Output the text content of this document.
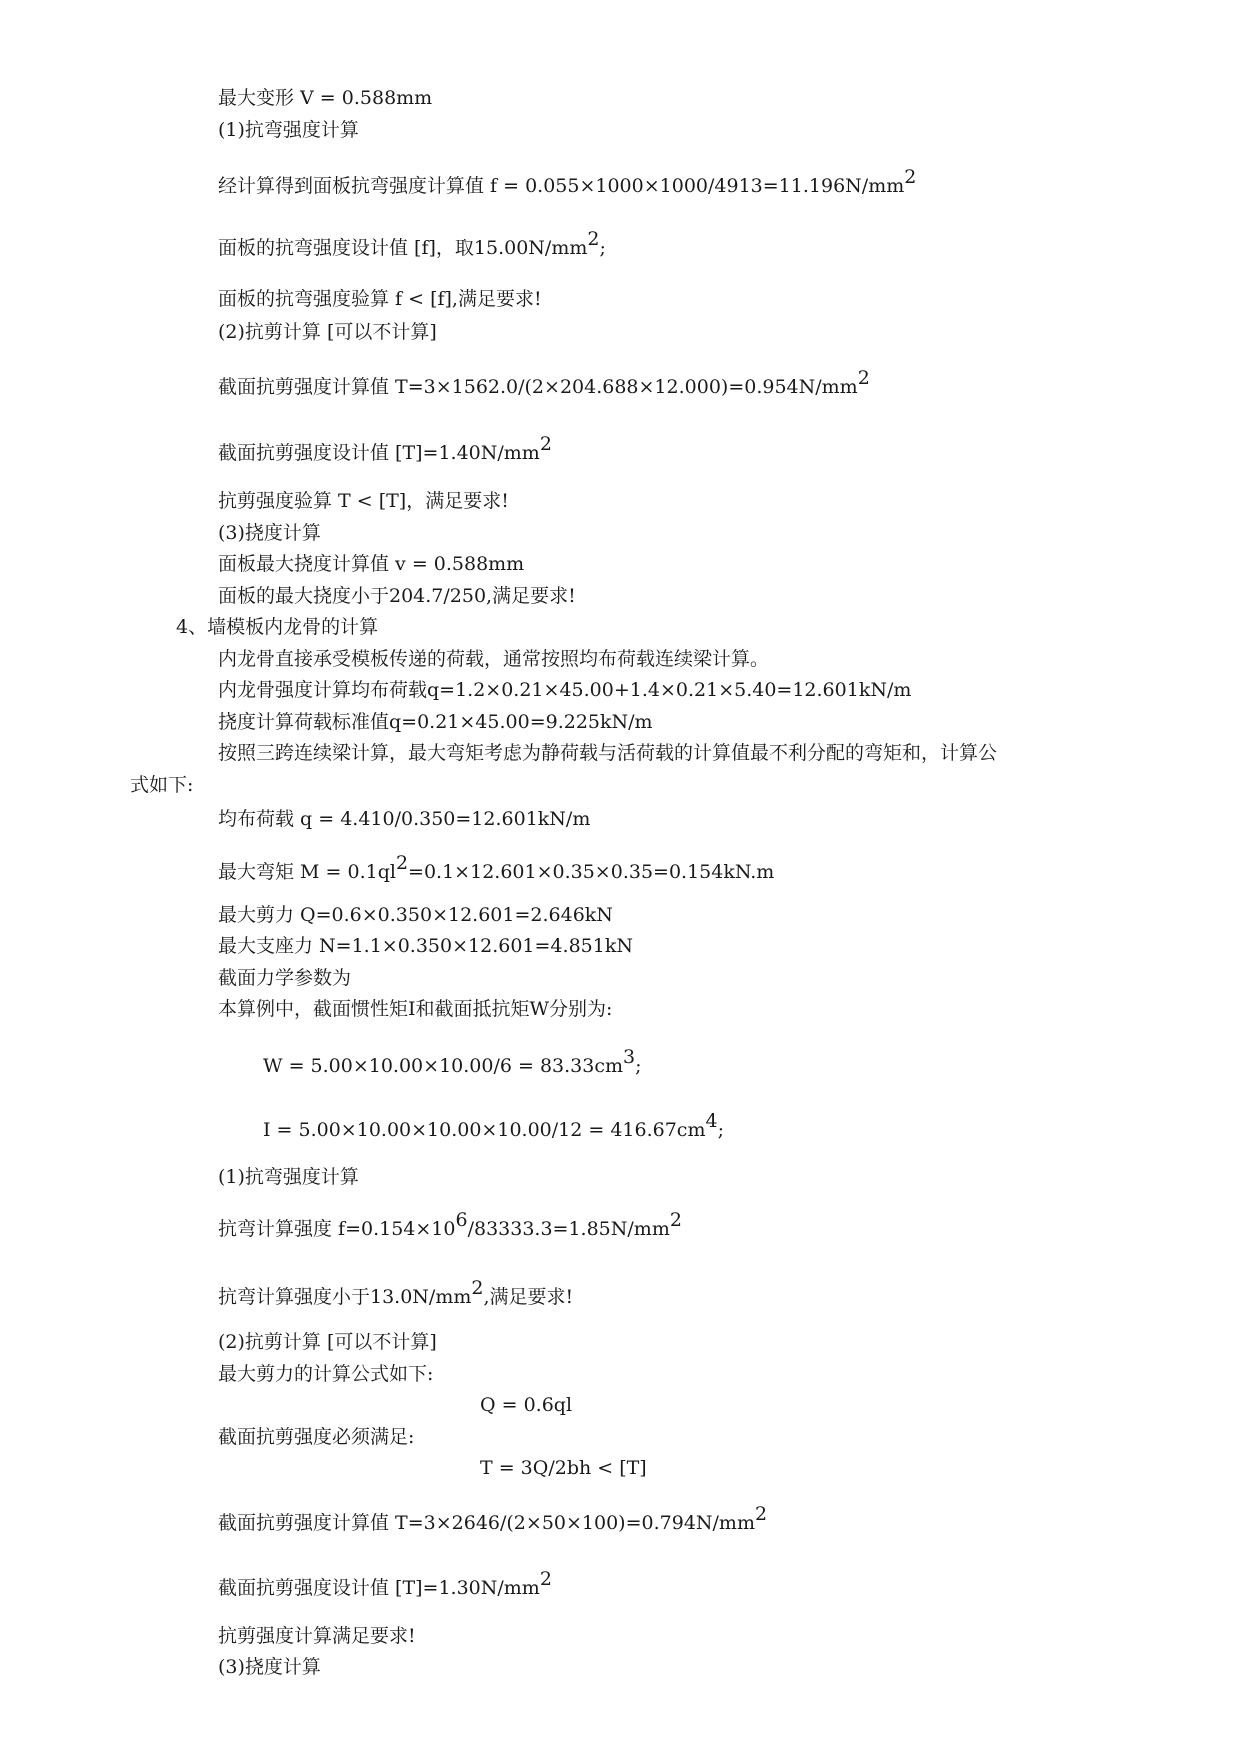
最大变形 V = 0.588mm
(1)抗弯强度计算
经计算得到面板抗弯强度计算值 $f = 0.055\times 1000\times 1000/4913=11.196N/mm^2$
面板的抗弯强度设计值 [f]，取$15.00N/mm^2$;
面板的抗弯强度验算 f < [f],满足要求!
(2)抗剪计算 [可以不计算]
截面抗剪强度计算值 $T=3\times 1562.0/(2\times 204.688\times 12.000)=0.954N/mm^2$
截面抗剪强度设计值 $[T]=1.40N/mm^2$
抗剪强度验算 T < [T]，满足要求!
(3)挠度计算
面板最大挠度计算值 v = 0.588mm
面板的最大挠度小于204.7/250,满足要求!
4、墙模板内龙骨的计算
内龙骨直接承受模板传递的荷载，通常按照均布荷载连续梁计算。
内龙骨强度计算均布荷载q=1.2×0.21×45.00+1.4×0.21×5.40=12.601kN/m
挠度计算荷载标准值q=0.21×45.00=9.225kN/m
按照三跨连续梁计算，最大弯矩考虑为静荷载与活荷载的计算值最不利分配的弯矩和，计算公
式如下:
均布荷载 q = 4.410/0.350=12.601kN/m
最大弯矩 $M = 0.1ql^2=0.1\times 12.601\times 0.35\times 0.35=0.154kN.m$
最大剪力 Q=0.6×0.350×12.601=2.646kN
最大支座力 N=1.1×0.350×12.601=4.851kN
截面力学参数为
本算例中，截面惯性矩I和截面抵抗矩W分别为:
$W = 5.00\times 10.00\times 10.00/6 = 83.33cm^3$;
$I = 5.00\times 10.00\times 10.00\times 10.00/12 = 416.67cm^4$;
(1)抗弯强度计算
抗弯计算强度 $f=0.154\times 10^6/83333.3=1.85N/mm^2$
抗弯计算强度小于$13.0N/mm^2$,满足要求!
(2)抗剪计算 [可以不计算]
最大剪力的计算公式如下:
Q = 0.6ql
截面抗剪强度必须满足:
T = 3Q/2bh < [T]
截面抗剪强度计算值 $T=3\times 2646/(2\times 50\times 100)=0.794N/mm^2$
截面抗剪强度设计值 $[T]=1.30N/mm^2$
抗剪强度计算满足要求!
(3)挠度计算
